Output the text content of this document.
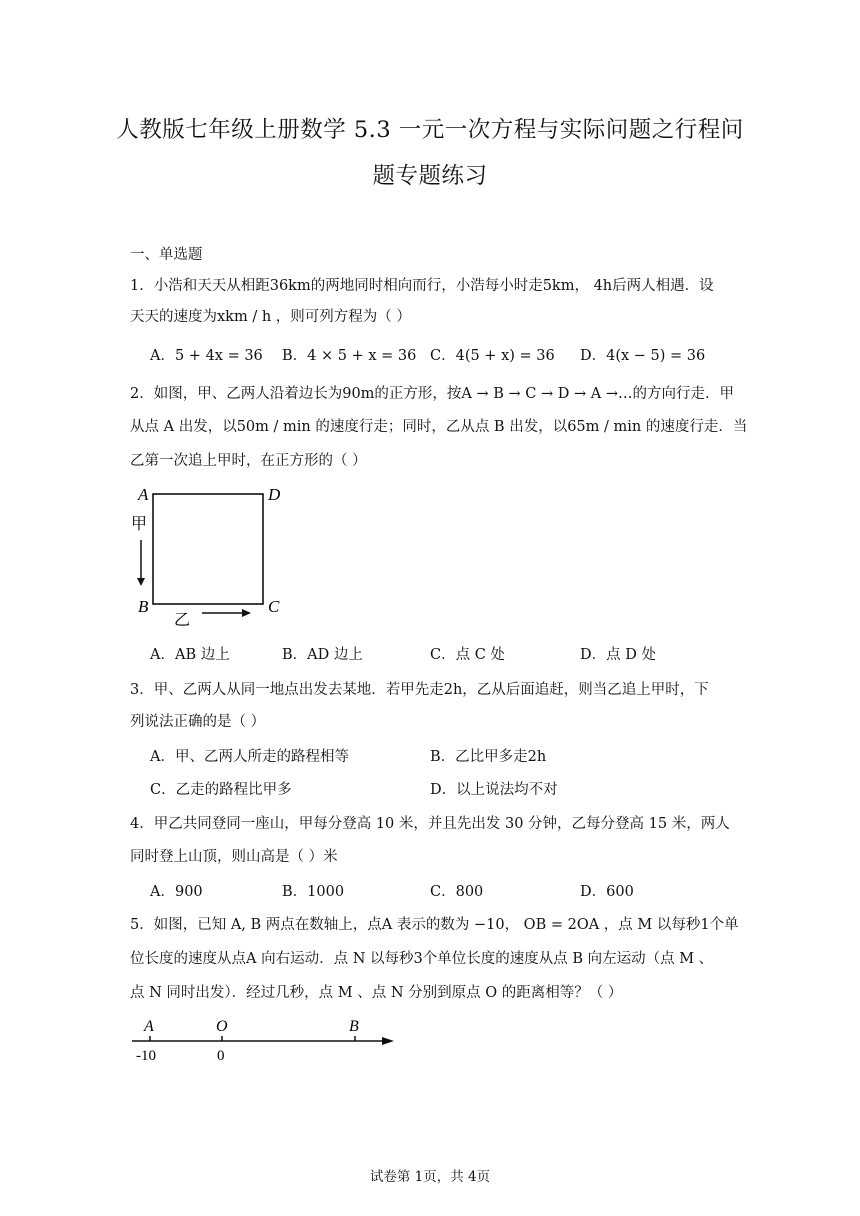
人教版七年级上册数学 5.3 一元一次方程与实际问题之行程问
题专题练习
一、单选题
1．小浩和天天从相距36km的两地同时相向而行，小浩每小时走5km， 4h后两人相遇．设
天天的速度为xkm / h ，则可列方程为（ ）
A．5 + 4x = 36 B．4 × 5 + x = 36 C．4(5 + x) = 36 D．4(x − 5) = 36
2．如图，甲、乙两人沿着边长为90m的正方形，按A → B → C → D → A →…的方向行走．甲
从点 A 出发，以50m / min 的速度行走；同时，乙从点 B 出发，以65m / min 的速度行走．当
乙第一次追上甲时，在正方形的（ ）
A	D
B	C
甲
乙
A．AB 边上	B．AD 边上	C．点 C 处	D．点 D 处
3．甲、乙两人从同一地点出发去某地．若甲先走2h，乙从后面追赶，则当乙追上甲时，下
列说法正确的是（ ）
A．甲、乙两人所走的路程相等	B．乙比甲多走2h
C．乙走的路程比甲多	D．以上说法均不对
4．甲乙共同登同一座山，甲每分登高 10 米，并且先出发 30 分钟，乙每分登高 15 米，两人
同时登上山顶，则山高是（ ）米
A．900	B．1000	C．800	D．600
5．如图，已知 A, B 两点在数轴上，点A 表示的数为 −10， OB = 2OA ，点 M 以每秒1个单
位长度的速度从点A 向右运动．点 N 以每秒3个单位长度的速度从点 B 向左运动（点 M 、
点 N 同时出发）．经过几秒，点 M 、点 N 分别到原点 O 的距离相等？（ ）
A	O	B
-10	0
试卷第 1页，共 4页
